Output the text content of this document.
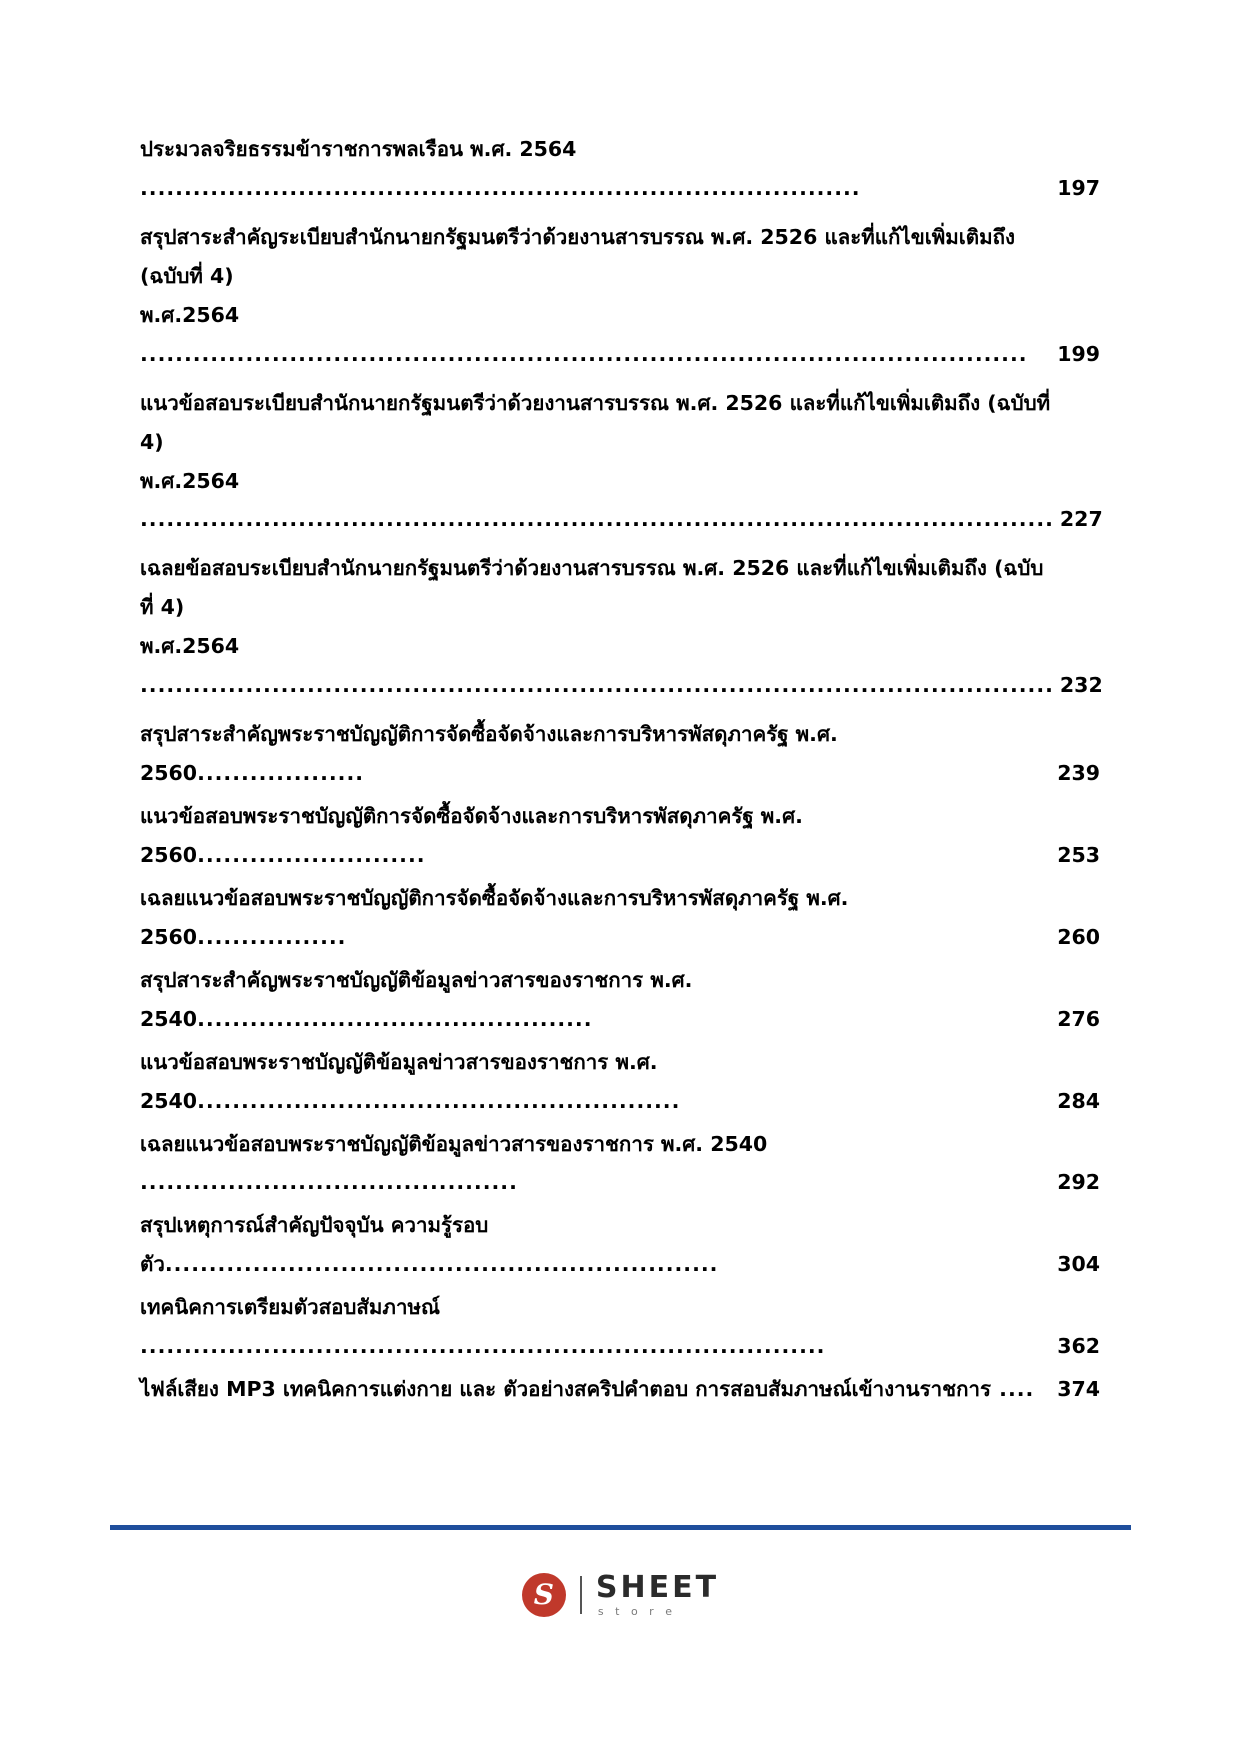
ประมวลจริยธรรมข้าราชการพลเรือน พ.ศ. 2564 ..................................................................................	197
สรุปสาระสำคัญระเบียบสำนักนายกรัฐมนตรีว่าด้วยงานสารบรรณ พ.ศ. 2526 และที่แก้ไขเพิ่มเติมถึง (ฉบับที่ 4) พ.ศ.2564.....................................................................................................	199
แนวข้อสอบระเบียบสำนักนายกรัฐมนตรีว่าด้วยงานสารบรรณ พ.ศ. 2526 และที่แก้ไขเพิ่มเติมถึง (ฉบับที่ 4) พ.ศ.2564........................................................................................................ 227
เฉลยข้อสอบระเบียบสำนักนายกรัฐมนตรีว่าด้วยงานสารบรรณ พ.ศ. 2526 และที่แก้ไขเพิ่มเติมถึง (ฉบับที่ 4) พ.ศ.2564........................................................................................................ 232
สรุปสาระสำคัญพระราชบัญญัติการจัดซื้อจัดจ้างและการบริหารพัสดุภาครัฐ พ.ศ. 2560...................	239
แนวข้อสอบพระราชบัญญัติการจัดซื้อจัดจ้างและการบริหารพัสดุภาครัฐ พ.ศ. 2560..........................	253
เฉลยแนวข้อสอบพระราชบัญญัติการจัดซื้อจัดจ้างและการบริหารพัสดุภาครัฐ พ.ศ. 2560.................	260
สรุปสาระสำคัญพระราชบัญญัติข้อมูลข่าวสารของราชการ พ.ศ. 2540.............................................	276
แนวข้อสอบพระราชบัญญัติข้อมูลข่าวสารของราชการ พ.ศ. 2540.......................................................	284
เฉลยแนวข้อสอบพระราชบัญญัติข้อมูลข่าวสารของราชการ พ.ศ. 2540 ...........................................	292
สรุปเหตุการณ์สำคัญปัจจุบัน ความรู้รอบตัว...............................................................	304
เทคนิคการเตรียมตัวสอบสัมภาษณ์ ..............................................................................	362
ไฟล์เสียง MP3 เทคนิคการแต่งกาย และ ตัวอย่างสคริปคำตอบ การสอบสัมภาษณ์เข้างานราชการ ....	374
S	SHEET
s t o r e
